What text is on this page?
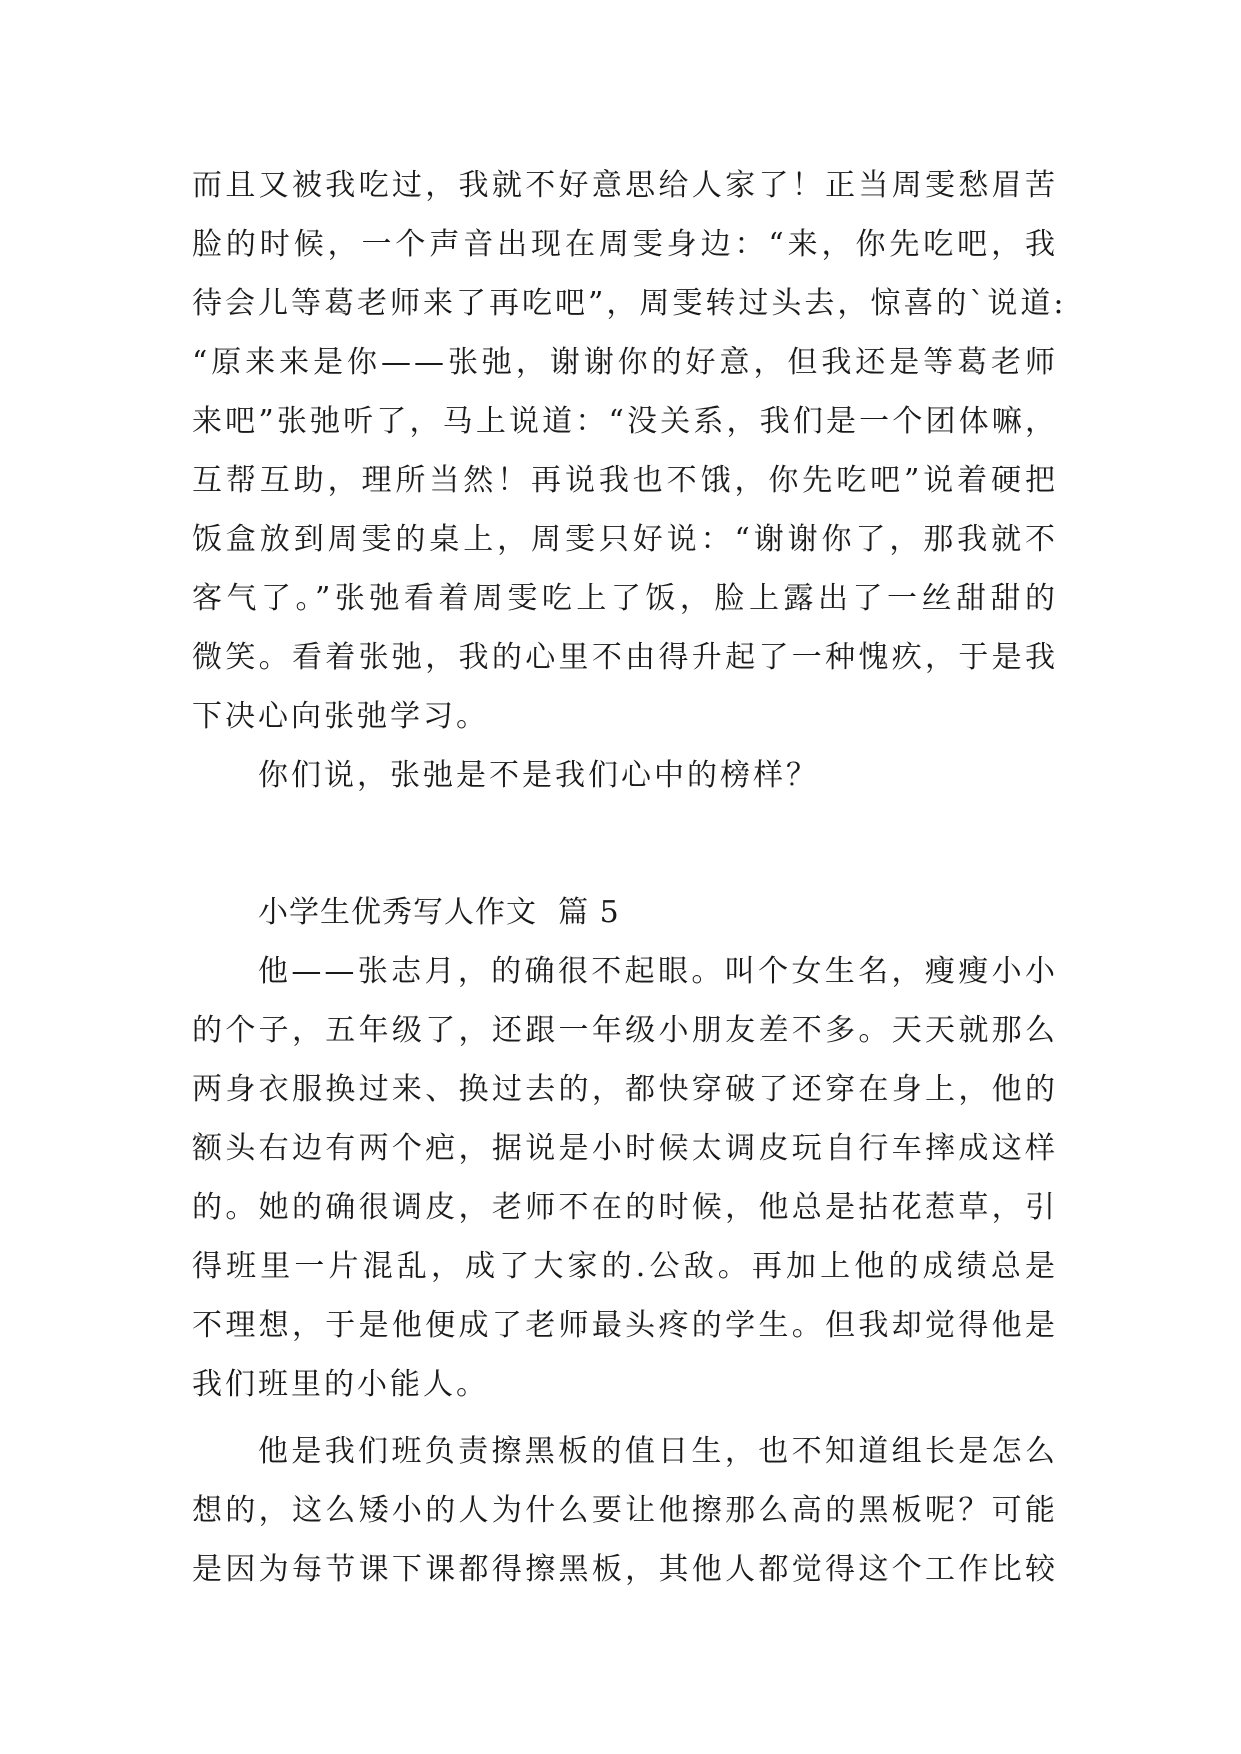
而且又被我吃过，我就不好意思给人家了！正当周雯愁眉苦
脸的时候，一个声音出现在周雯身边：“来，你先吃吧，我
待会儿等葛老师来了再吃吧”，周雯转过头去，惊喜的`说道:
“原来来是你——张弛，谢谢你的好意，但我还是等葛老师
来吧”张弛听了，马上说道：“没关系，我们是一个团体嘛，
互帮互助，理所当然！再说我也不饿，你先吃吧”说着硬把
饭盒放到周雯的桌上，周雯只好说：“谢谢你了，那我就不
客气了。”张弛看着周雯吃上了饭，脸上露出了一丝甜甜的
微笑。看着张弛，我的心里不由得升起了一种愧疚，于是我
下决心向张弛学习。
你们说，张弛是不是我们心中的榜样？
小学生优秀写人作文  篇 5
他——张志月，的确很不起眼。叫个女生名，瘦瘦小小
的个子，五年级了，还跟一年级小朋友差不多。天天就那么
两身衣服换过来、换过去的，都快穿破了还穿在身上，他的
额头右边有两个疤，据说是小时候太调皮玩自行车摔成这样
的。她的确很调皮，老师不在的时候，他总是拈花惹草，引
得班里一片混乱，成了大家的.公敌。再加上他的成绩总是
不理想，于是他便成了老师最头疼的学生。但我却觉得他是
我们班里的小能人。
他是我们班负责擦黑板的值日生，也不知道组长是怎么
想的，这么矮小的人为什么要让他擦那么高的黑板呢？可能
是因为每节课下课都得擦黑板，其他人都觉得这个工作比较
